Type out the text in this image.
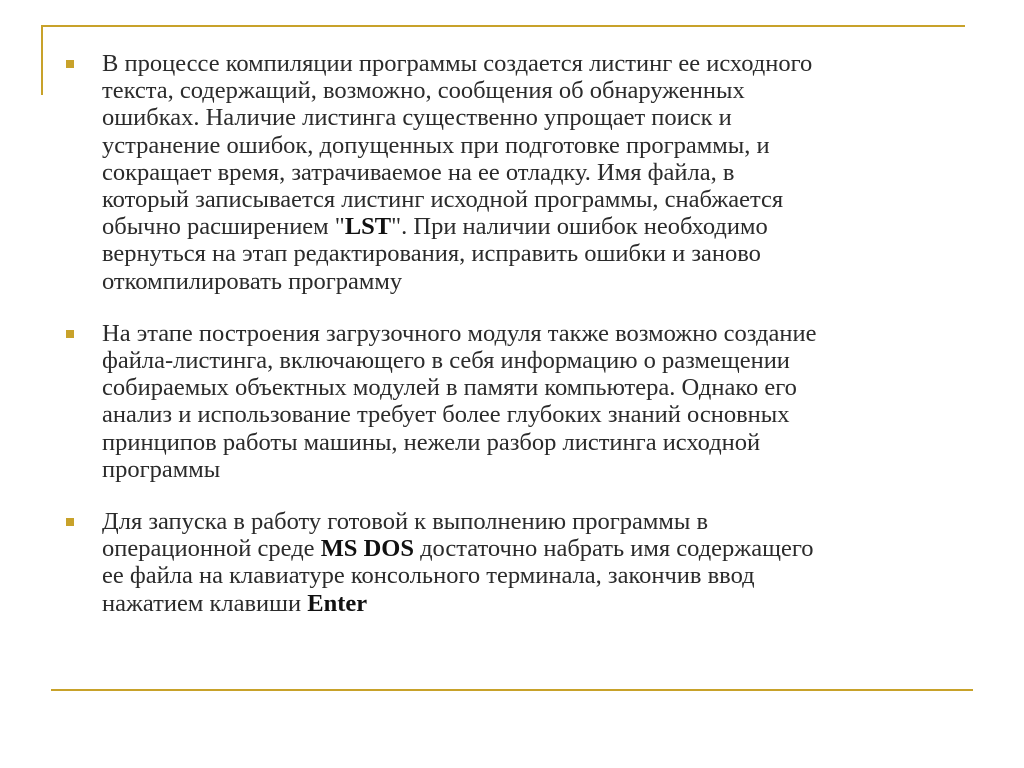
В процессе компиляции программы создается листинг ее исходного
текста, содержащий, возможно, сообщения об обнаруженных
ошибках. Наличие листинга существенно упрощает поиск и
устранение ошибок, допущенных при подготовке программы, и
сокращает время, затрачиваемое на ее отладку. Имя файла, в
который записывается листинг исходной программы, снабжается
обычно расширением "LST". При наличии ошибок необходимо
вернуться на этап редактирования, исправить ошибки и заново
откомпилировать программу

На этапе построения загрузочного модуля также возможно создание
файла-листинга, включающего в себя информацию о размещении
собираемых объектных модулей в памяти компьютера. Однако его
анализ и использование требует более глубоких знаний основных
принципов работы машины, нежели разбор листинга исходной
программы

Для запуска в работу готовой к выполнению программы в
операционной среде MS DOS достаточно набрать имя содержащего
ее файла на клавиатуре консольного терминала, закончив ввод
нажатием клавиши Enter
